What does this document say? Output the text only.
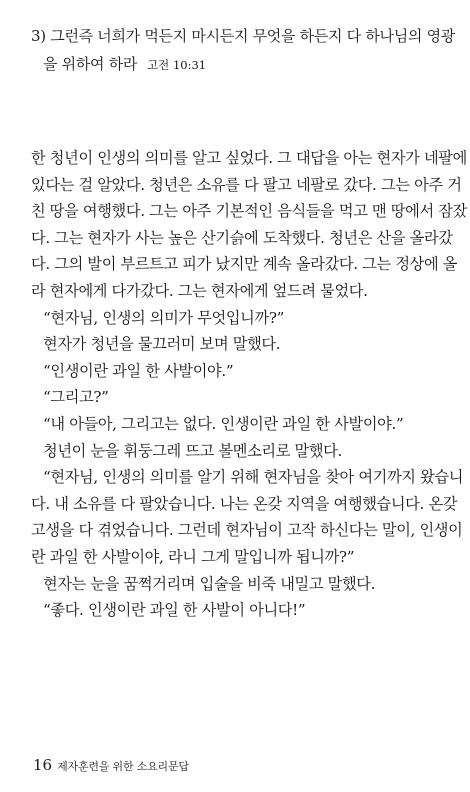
3) 그런즉 너희가 먹든지 마시든지 무엇을 하든지 다 하나님의 영광
을 위하여 하라 고전 10:31

한 청년이 인생의 의미를 알고 싶었다. 그 대답을 아는 현자가 네팔에

있다는 걸 알았다. 청년은 소유를 다 팔고 네팔로 갔다. 그는 아주 거

친 땅을 여행했다. 그는 아주 기본적인 음식들을 먹고 맨 땅에서 잠잤

다. 그는 현자가 사는 높은 산기슭에 도착했다. 청년은 산을 올라갔

다. 그의 발이 부르트고 피가 났지만 계속 올라갔다. 그는 정상에 올

라 현자에게 다가갔다. 그는 현자에게 엎드려 물었다.

“현자님, 인생의 의미가 무엇입니까?”

현자가 청년을 물끄러미 보며 말했다.

“인생이란 과일 한 사발이야.”

“그리고?”

“내 아들아, 그리고는 없다. 인생이란 과일 한 사발이야.”

청년이 눈을 휘둥그레 뜨고 볼멘소리로 말했다.

“현자님, 인생의 의미를 알기 위해 현자님을 찾아 여기까지 왔습니

다. 내 소유를 다 팔았습니다. 나는 온갖 지역을 여행했습니다. 온갖

고생을 다 겪었습니다. 그런데 현자님이 고작 하신다는 말이, 인생이

란 과일 한 사발이야, 라니 그게 말입니까 됩니까?”

현자는 눈을 꿈쩍거리며 입술을 비죽 내밀고 말했다.

“좋다. 인생이란 과일 한 사발이 아니다!”

16 제자훈련을 위한 소요리문답
